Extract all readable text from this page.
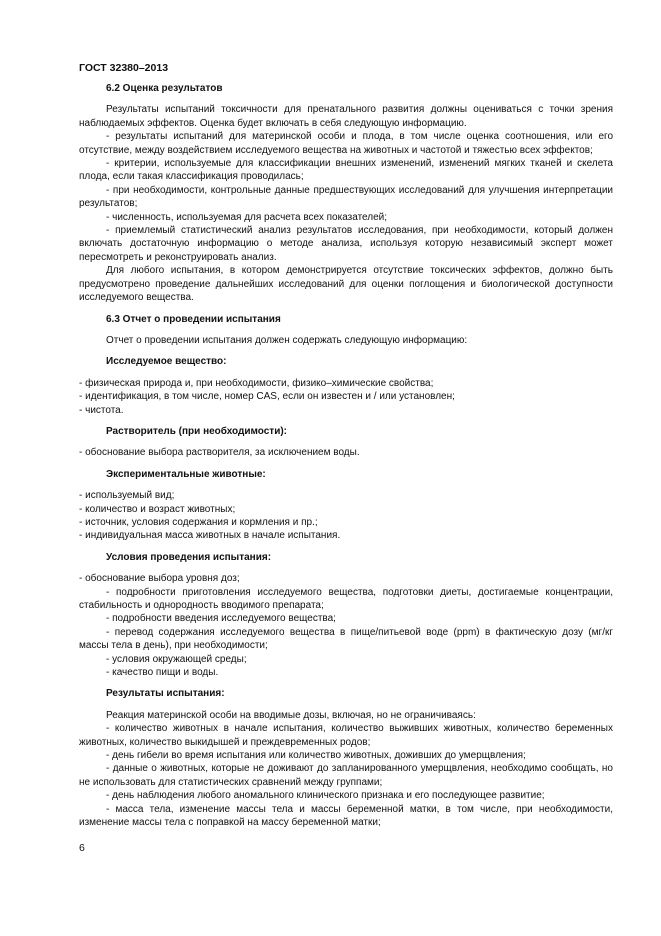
ГОСТ 32380–2013
6.2 Оценка результатов
Результаты испытаний токсичности для пренатального развития должны оцениваться с точки зрения наблюдаемых эффектов. Оценка будет включать в себя следующую информацию.
- результаты испытаний для материнской особи и плода, в том числе оценка соотношения, или его отсутствие, между воздействием исследуемого вещества на животных и частотой и тяжестью всех эффектов;
- критерии, используемые для классификации внешних изменений, изменений мягких тканей и скелета плода, если такая классификация проводилась;
- при необходимости, контрольные данные предшествующих исследований для улучшения интерпретации результатов;
- численность, используемая для расчета всех показателей;
- приемлемый статистический анализ результатов исследования, при необходимости, который должен включать достаточную информацию о методе анализа, используя которую независимый эксперт может пересмотреть и реконструировать анализ.
Для любого испытания, в котором демонстрируется отсутствие токсических эффектов, должно быть предусмотрено проведение дальнейших исследований для оценки поглощения и биологической доступности исследуемого вещества.
6.3 Отчет о проведении испытания
Отчет о проведении испытания должен содержать следующую информацию:
Исследуемое вещество:
- физическая природа и, при необходимости, физико–химические свойства;
- идентификация, в том числе, номер CAS, если он известен и / или установлен;
- чистота.
Растворитель (при необходимости):
- обоснование выбора растворителя, за исключением воды.
Экспериментальные животные:
- используемый вид;
- количество и возраст животных;
- источник, условия содержания и кормления и пр.;
- индивидуальная масса животных в начале испытания.
Условия проведения испытания:
- обоснование выбора уровня доз;
- подробности приготовления исследуемого вещества, подготовки диеты, достигаемые концентрации, стабильность и однородность вводимого препарата;
- подробности введения исследуемого вещества;
- перевод содержания исследуемого вещества в пище/питьевой воде (ppm) в фактическую дозу (мг/кг массы тела в день), при необходимости;
- условия окружающей среды;
- качество пищи и воды.
Результаты испытания:
Реакция материнской особи на вводимые дозы, включая, но не ограничиваясь:
- количество животных в начале испытания, количество выживших животных, количество беременных животных, количество выкидышей и преждевременных родов;
- день гибели во время испытания или количество животных, доживших до умерщвления;
- данные о животных, которые не доживают до запланированного умерщвления, необходимо сообщать, но не использовать для статистических сравнений между группами;
- день наблюдения любого аномального клинического признака и его последующее развитие;
- масса тела, изменение массы тела и массы беременной матки, в том числе, при необходимости, изменение массы тела с поправкой на массу беременной матки;
6
